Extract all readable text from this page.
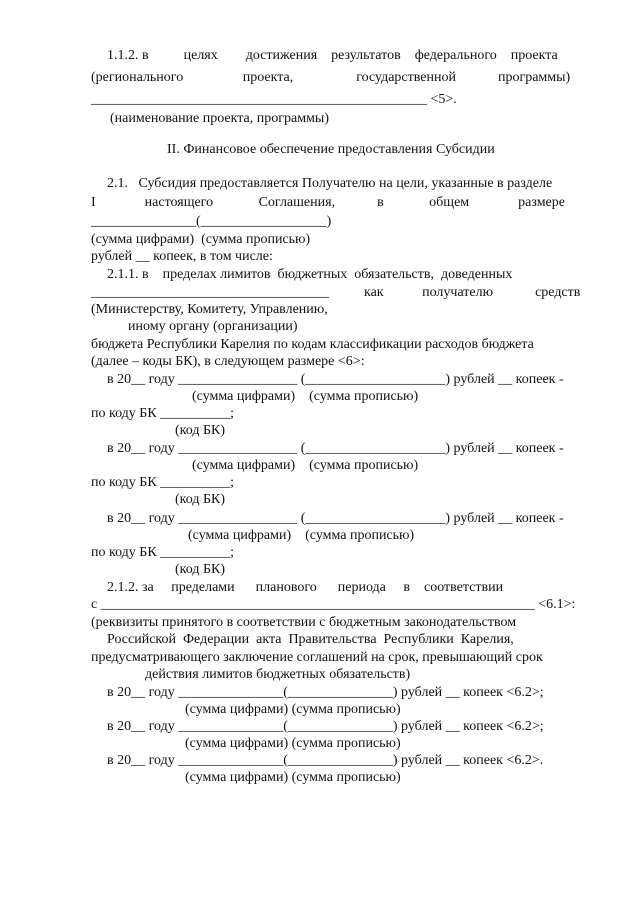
1.1.2. в          целях        достижения    результатов    федерального    проекта
(регионального                 проекта,                  государственной            программы)
________________________________________________ <5>.
(наименование проекта, программы)
II. Финансовое обеспечение предоставления Субсидии
2.1.   Субсидия предоставляется Получателю на цели, указанные в разделе
I              настоящего             Соглашения,            в             общем              размере
_______________(__________________)
(сумма цифрами)  (сумма прописью)
рублей __ копеек, в том числе:
2.1.1. в    пределах лимитов  бюджетных  обязательств,  доведенных
__________________________________          как           получателю            средств
(Министерству, Комитету, Управлению,
иному органу (организации)
бюджета Республики Карелия по кодам классификации расходов бюджета
(далее – коды БК), в следующем размере <6>:
в 20__ году _________________ (____________________) рублей __ копеек -
(сумма цифрами)    (сумма прописью)
по коду БК __________;
(код БК)
в 20__ году _________________ (____________________) рублей __ копеек -
(сумма цифрами)    (сумма прописью)
по коду БК __________;
(код БК)
в 20__ году _________________ (____________________) рублей __ копеек -
(сумма цифрами)    (сумма прописью)
по коду БК __________;
(код БК)
2.1.2. за     пределами      планового      периода     в    соответствии
с ______________________________________________________________ <6.1>:
(реквизиты принятого в соответствии с бюджетным законодательством
Российской  Федерации  акта  Правительства  Республики  Карелия,
предусматривающего заключение соглашений на срок, превышающий срок
действия лимитов бюджетных обязательств)
в 20__ году _______________(_______________) рублей __ копеек <6.2>;
(сумма цифрами) (сумма прописью)
в 20__ году _______________(_______________) рублей __ копеек <6.2>;
(сумма цифрами) (сумма прописью)
в 20__ году _______________(_______________) рублей __ копеек <6.2>.
(сумма цифрами) (сумма прописью)
